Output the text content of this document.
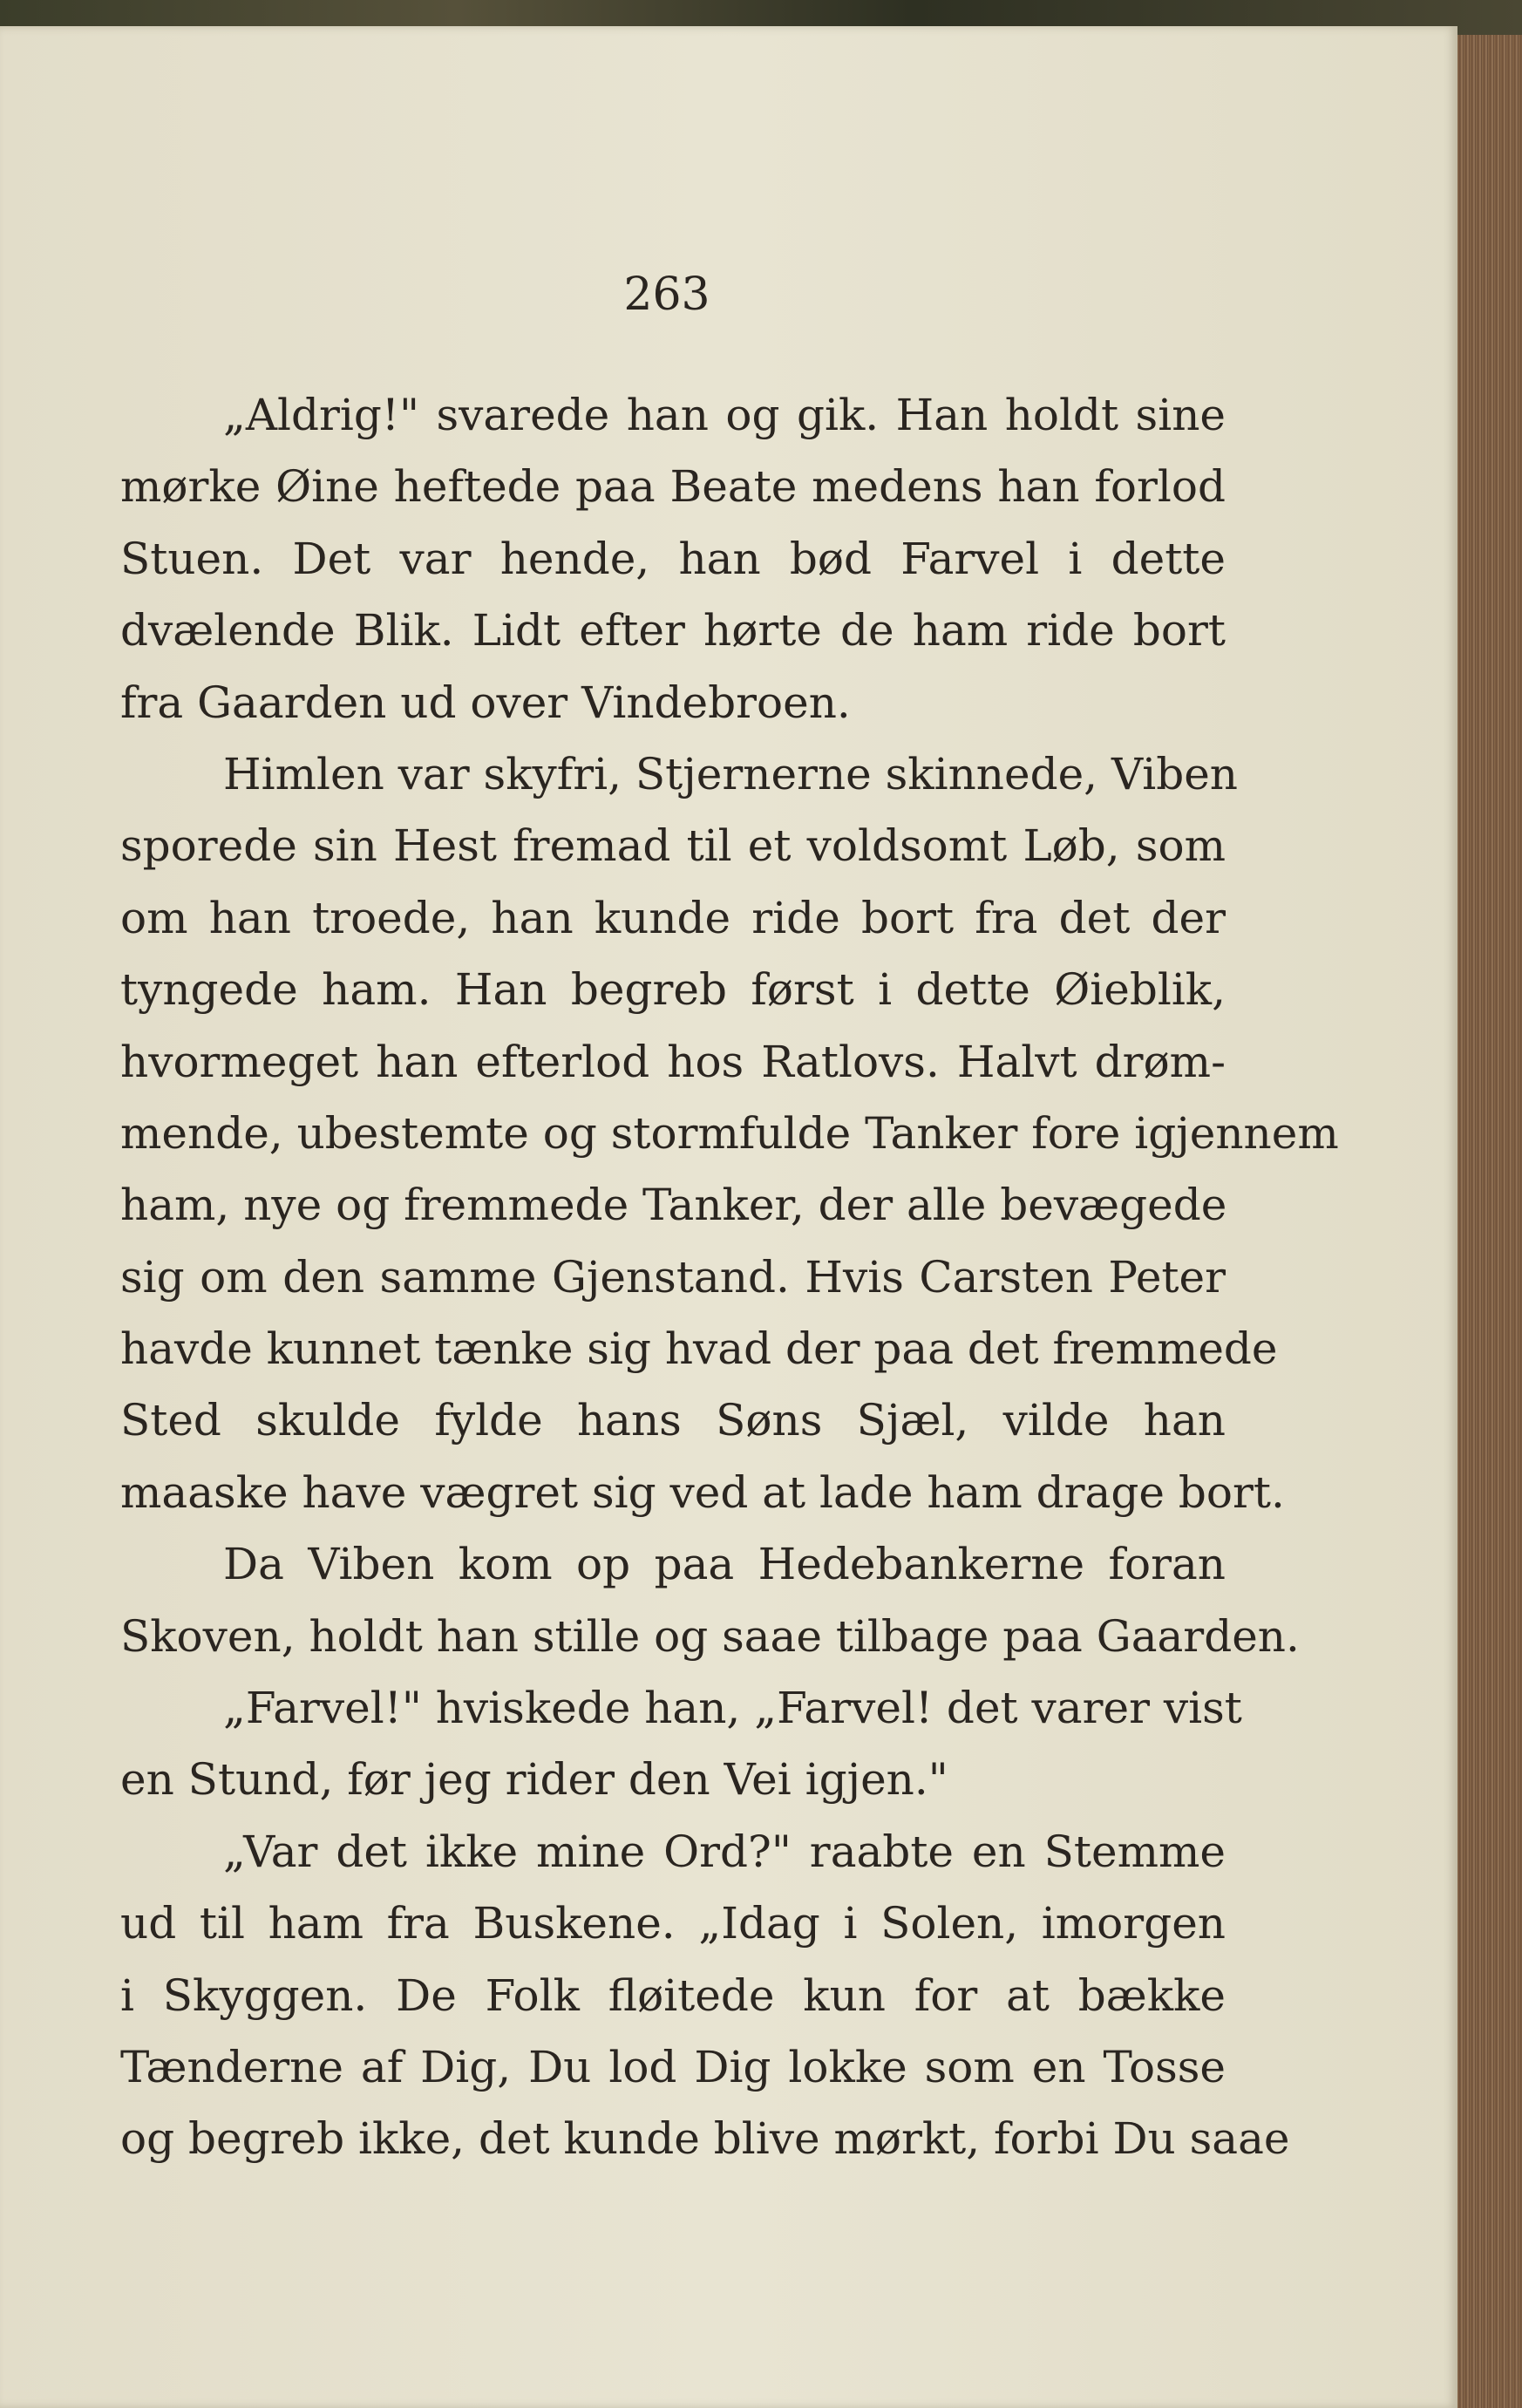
263
„Aldrig!" svarede han og gik. Han holdt sine
mørke Øine heftede paa Beate medens han forlod
Stuen. Det var hende, han bød Farvel i dette
dvælende Blik. Lidt efter hørte de ham ride bort
fra Gaarden ud over Vindebroen.
Himlen var skyfri, Stjernerne skinnede, Viben
sporede sin Hest fremad til et voldsomt Løb, som
om han troede, han kunde ride bort fra det der
tyngede ham. Han begreb først i dette Øieblik,
hvormeget han efterlod hos Ratlovs. Halvt drøm-
mende, ubestemte og stormfulde Tanker fore igjennem
ham, nye og fremmede Tanker, der alle bevægede
sig om den samme Gjenstand. Hvis Carsten Peter
havde kunnet tænke sig hvad der paa det fremmede
Sted skulde fylde hans Søns Sjæl, vilde han
maaske have vægret sig ved at lade ham drage bort.
Da Viben kom op paa Hedebankerne foran
Skoven, holdt han stille og saae tilbage paa Gaarden.
„Farvel!" hviskede han, „Farvel! det varer vist
en Stund, før jeg rider den Vei igjen."
„Var det ikke mine Ord?" raabte en Stemme
ud til ham fra Buskene. „Idag i Solen, imorgen
i Skyggen. De Folk fløitede kun for at bække
Tænderne af Dig, Du lod Dig lokke som en Tosse
og begreb ikke, det kunde blive mørkt, forbi Du saae
